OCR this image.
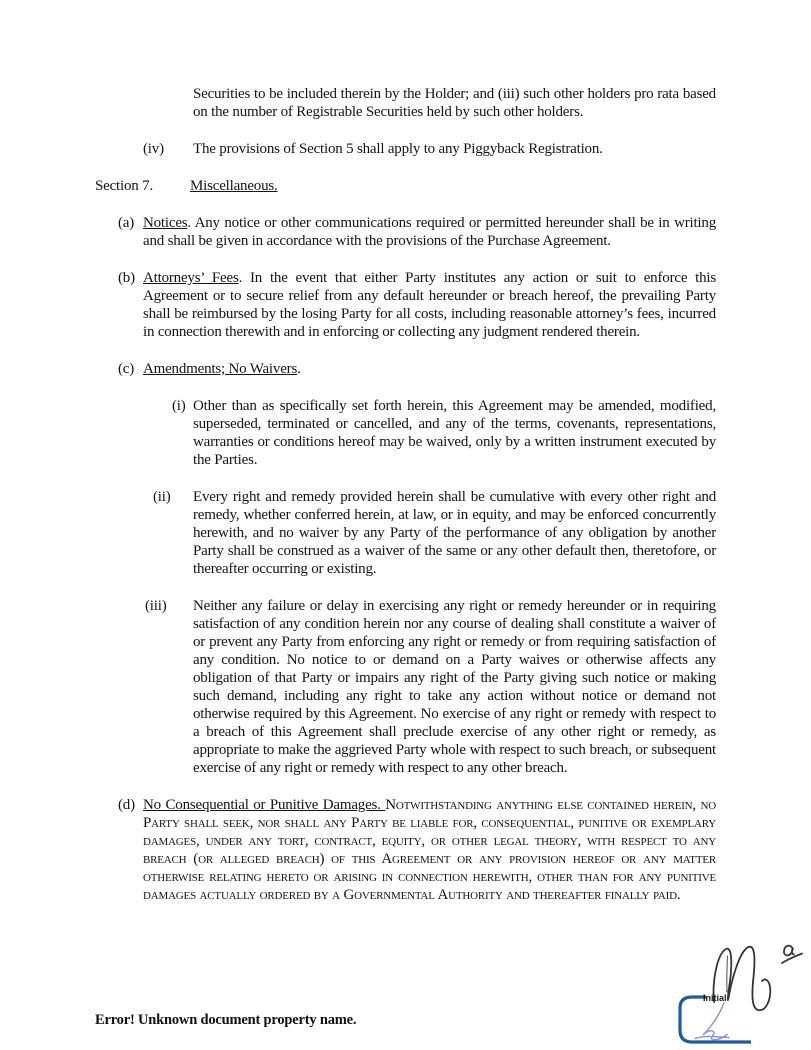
Securities to be included therein by the Holder; and (iii) such other holders pro rata based on the number of Registrable Securities held by such other holders.
(iv) The provisions of Section 5 shall apply to any Piggyback Registration.
Section 7. Miscellaneous.
(a) Notices. Any notice or other communications required or permitted hereunder shall be in writing and shall be given in accordance with the provisions of the Purchase Agreement.
(b) Attorneys’ Fees. In the event that either Party institutes any action or suit to enforce this Agreement or to secure relief from any default hereunder or breach hereof, the prevailing Party shall be reimbursed by the losing Party for all costs, including reasonable attorney’s fees, incurred in connection therewith and in enforcing or collecting any judgment rendered therein.
(c) Amendments; No Waivers.
(i) Other than as specifically set forth herein, this Agreement may be amended, modified, superseded, terminated or cancelled, and any of the terms, covenants, representations, warranties or conditions hereof may be waived, only by a written instrument executed by the Parties.
(ii)	Every right and remedy provided herein shall be cumulative with every other right and remedy, whether conferred herein, at law, or in equity, and may be enforced concurrently herewith, and no waiver by any Party of the performance of any obligation by another Party shall be construed as a waiver of the same or any other default then, theretofore, or thereafter occurring or existing.
(iii)	Neither any failure or delay in exercising any right or remedy hereunder or in requiring satisfaction of any condition herein nor any course of dealing shall constitute a waiver of or prevent any Party from enforcing any right or remedy or from requiring satisfaction of any condition. No notice to or demand on a Party waives or otherwise affects any obligation of that Party or impairs any right of the Party giving such notice or making such demand, including any right to take any action without notice or demand not otherwise required by this Agreement. No exercise of any right or remedy with respect to a breach of this Agreement shall preclude exercise of any other right or remedy, as appropriate to make the aggrieved Party whole with respect to such breach, or subsequent exercise of any right or remedy with respect to any other breach.
(d) No Consequential or Punitive Damages. Notwithstanding anything else contained herein, no Party shall seek, nor shall any Party be liable for, consequential, punitive or exemplary damages, under any tort, contract, equity, or other legal theory, with respect to any breach (or alleged breach) of this Agreement or any provision hereof or any matter otherwise relating hereto or arising in connection herewith, other than for any punitive damages actually ordered by a Governmental Authority and thereafter finally paid.
Error! Unknown document property name.
Initial
